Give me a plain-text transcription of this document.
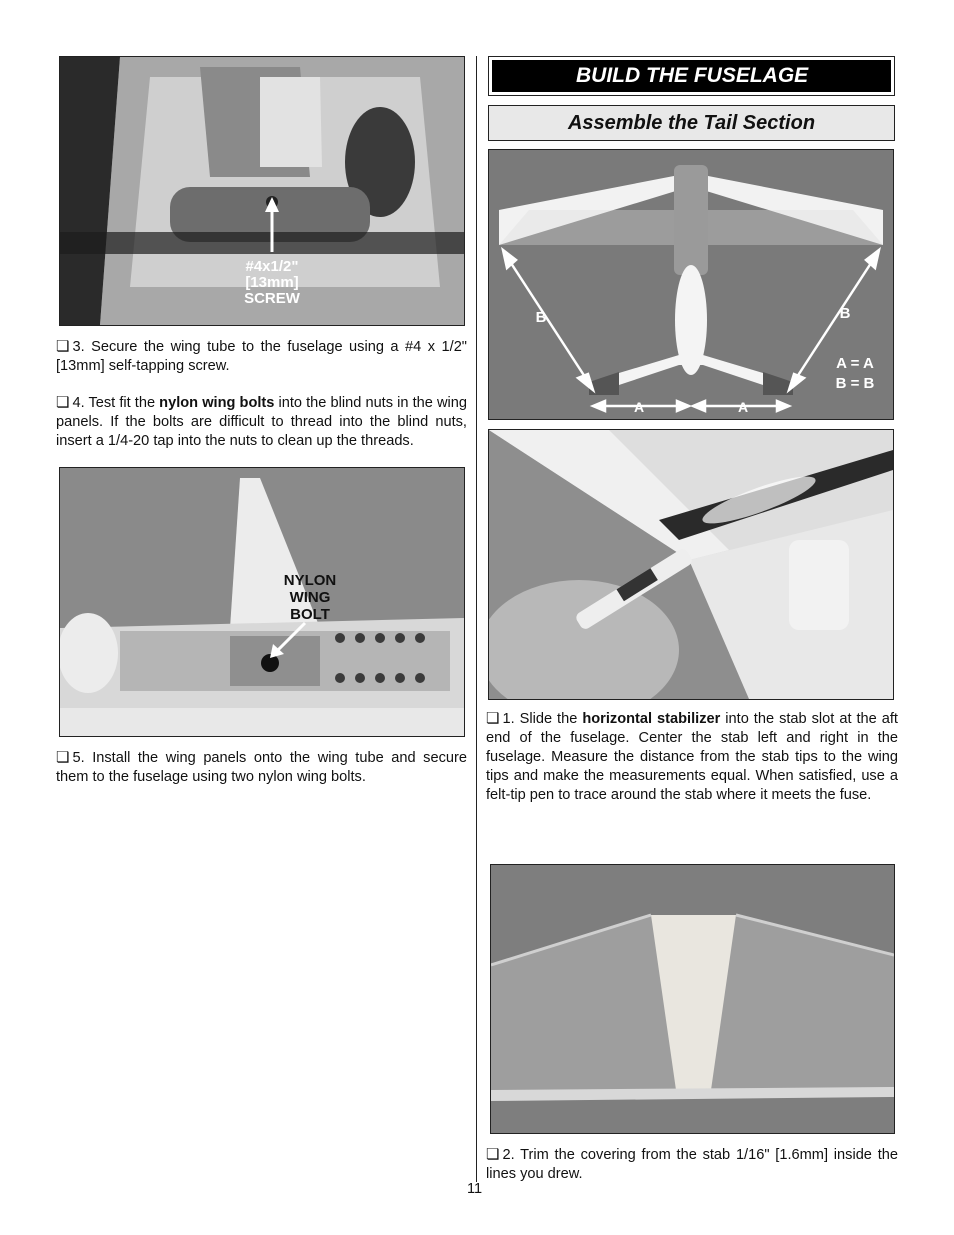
#4x1/2"
[13mm]
SCREW

❏ 3. Secure the wing tube to the fuselage using a #4 x 1/2" [13mm] self-tapping screw.

❏ 4. Test fit the nylon wing bolts into the blind nuts in the wing panels. If the bolts are difficult to thread into the blind nuts, insert a 1/4-20 tap into the nuts to clean up the threads.

NYLON
WING
BOLT

❏ 5. Install the wing panels onto the wing tube and secure them to the fuselage using two nylon wing bolts.

BUILD THE FUSELAGE
Assemble the Tail Section
B	B
A	A
A = A
B = B

❏ 1. Slide the horizontal stabilizer into the stab slot at the aft end of the fuselage. Center the stab left and right in the fuselage. Measure the distance from the stab tips to the wing tips and make the measurements equal. When satisfied, use a felt-tip pen to trace around the stab where it meets the fuse.

❏ 2. Trim the covering from the stab 1/16" [1.6mm] inside the lines you drew.

11
